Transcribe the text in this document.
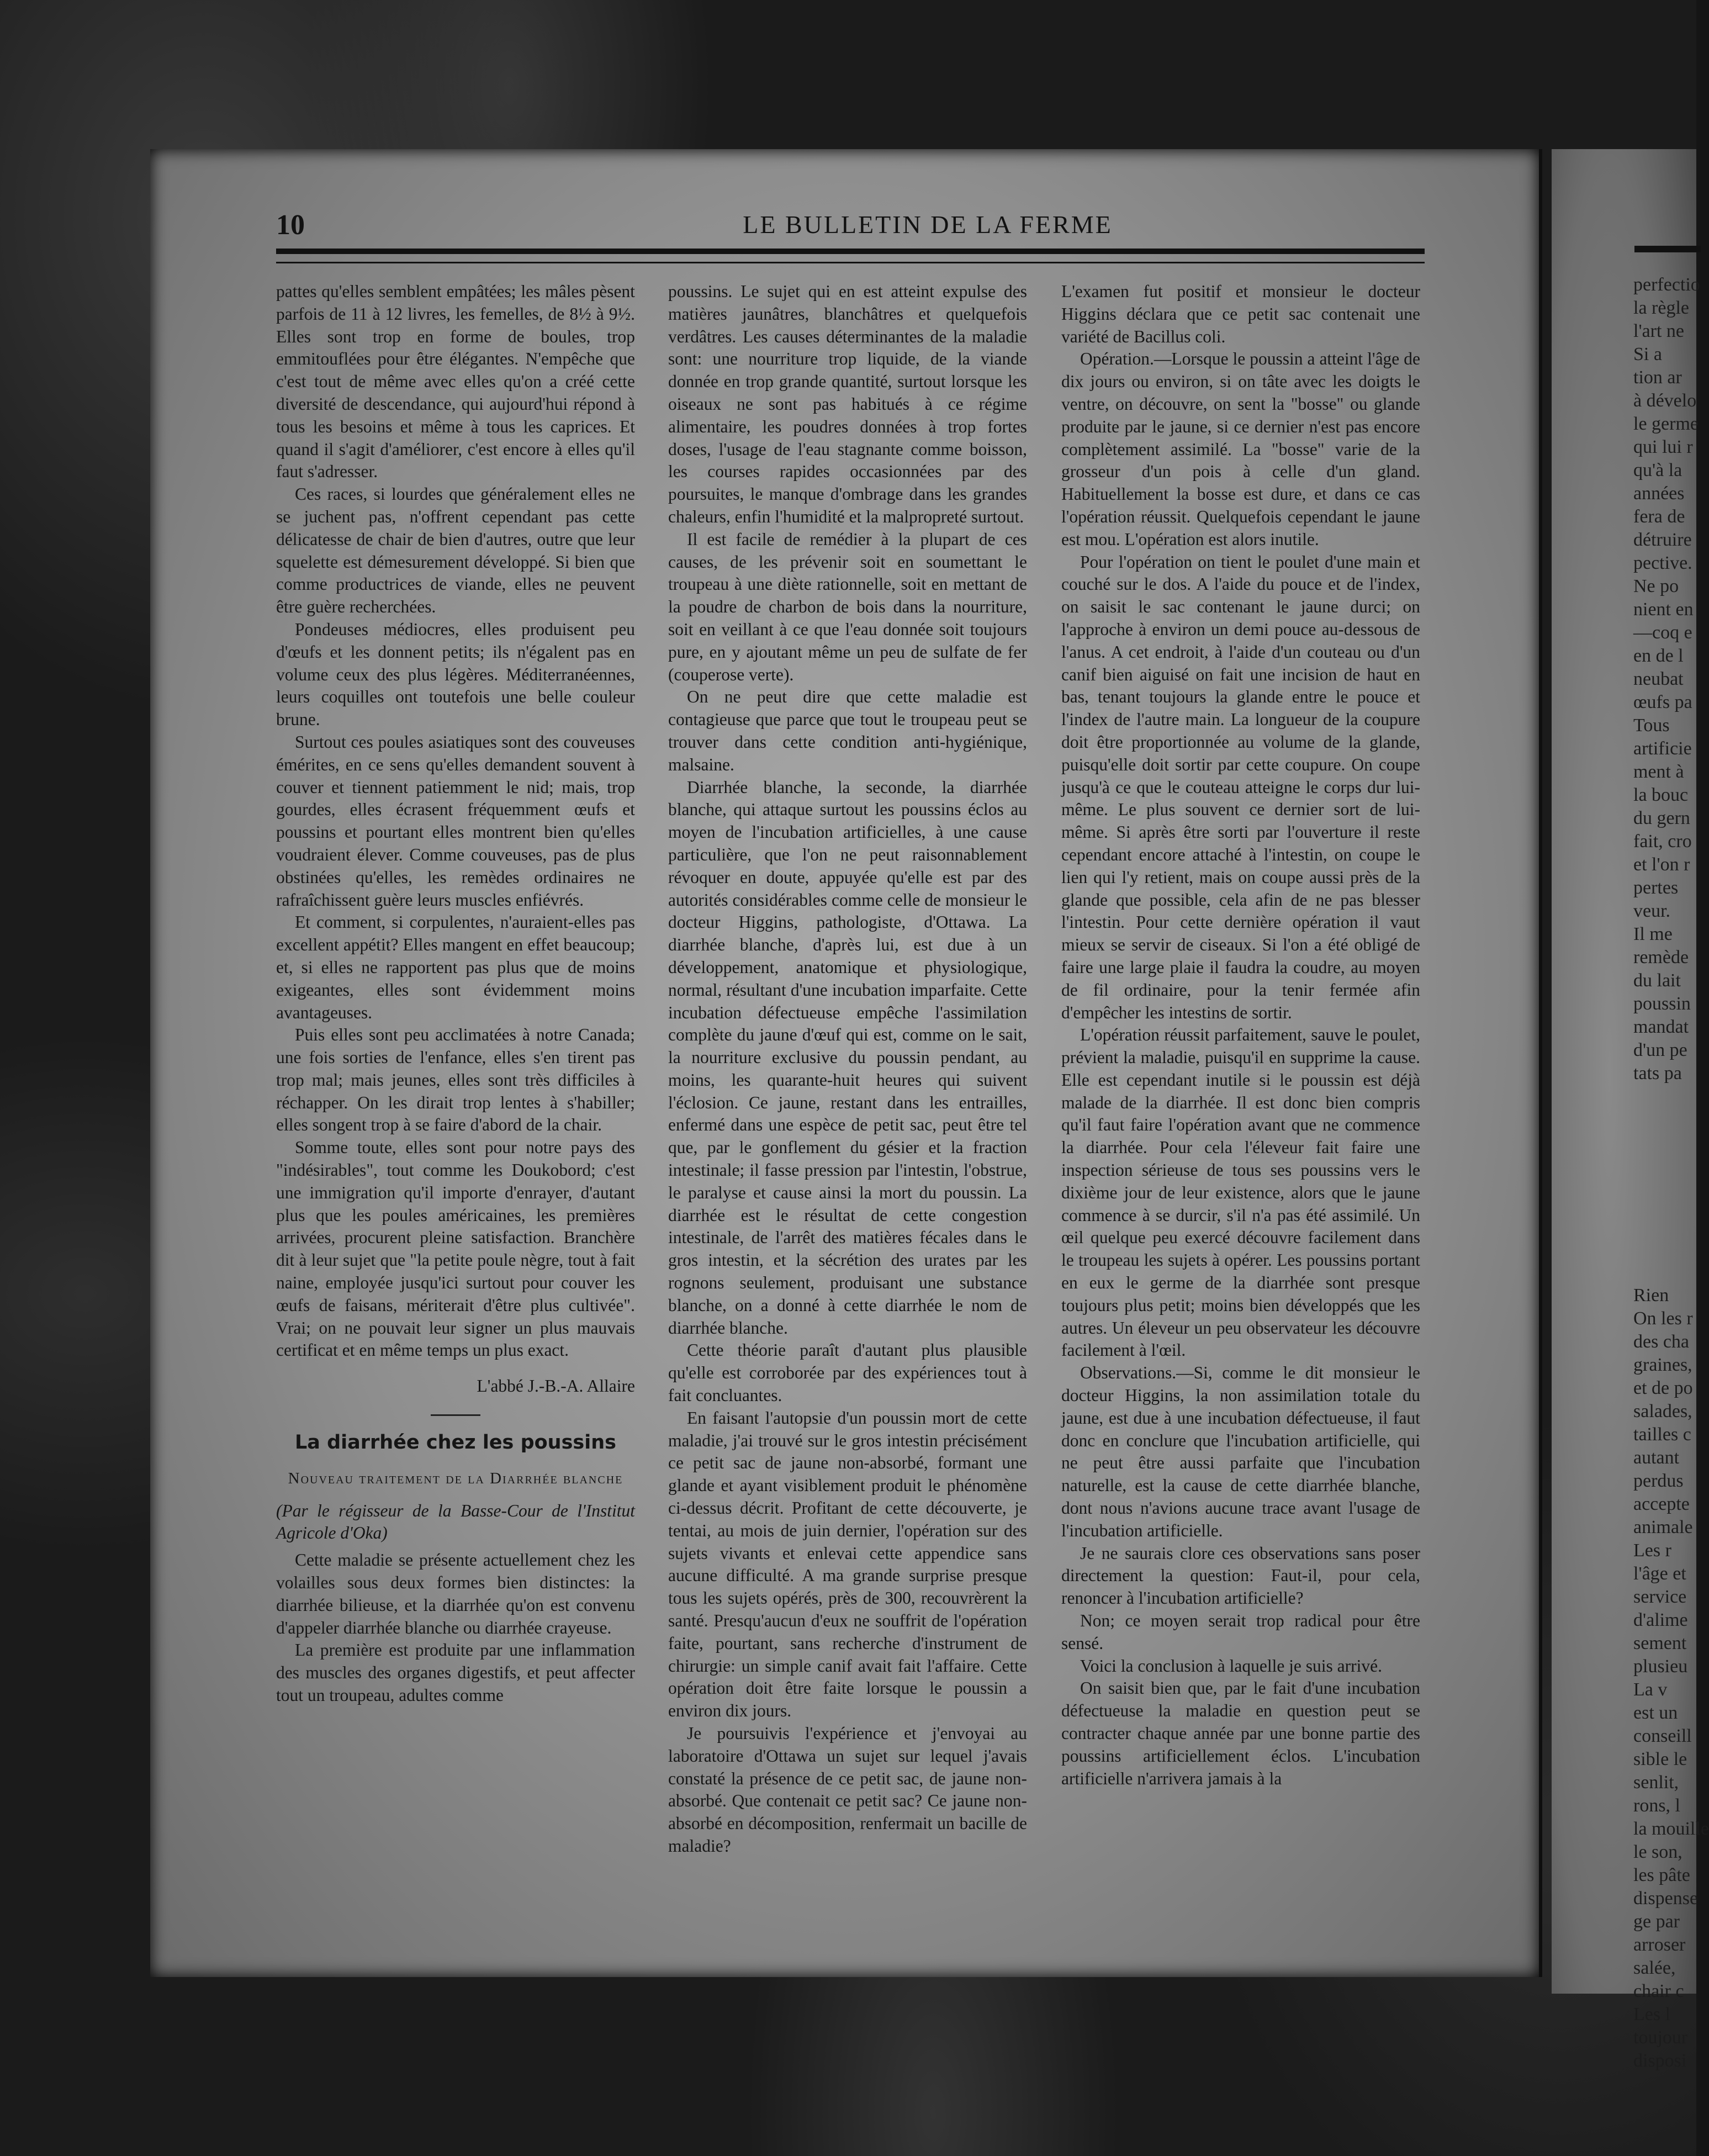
10	LE BULLETIN DE LA FERME

pattes qu'elles semblent empâtées; les mâles pèsent parfois de 11 à 12 livres, les femelles, de 8½ à 9½. Elles sont trop en forme de boules, trop emmitouflées pour être élégantes. N'empêche que c'est tout de même avec elles qu'on a créé cette diversité de descendance, qui aujourd'hui répond à tous les besoins et même à tous les caprices. Et quand il s'agit d'améliorer, c'est encore à elles qu'il faut s'adresser.

Ces races, si lourdes que généralement elles ne se juchent pas, n'offrent cependant pas cette délicatesse de chair de bien d'autres, outre que leur squelette est démesurement développé. Si bien que comme productrices de viande, elles ne peuvent être guère recherchées.

Pondeuses médiocres, elles produisent peu d'œufs et les donnent petits; ils n'égalent pas en volume ceux des plus légères. Méditerranéennes, leurs coquilles ont toutefois une belle couleur brune.

Surtout ces poules asiatiques sont des couveuses émérites, en ce sens qu'elles demandent souvent à couver et tiennent patiemment le nid; mais, trop gourdes, elles écrasent fréquemment œufs et poussins et pourtant elles montrent bien qu'elles voudraient élever. Comme couveuses, pas de plus obstinées qu'elles, les remèdes ordinaires ne rafraîchissent guère leurs muscles enfiévrés.

Et comment, si corpulentes, n'auraient-elles pas excellent appétit? Elles mangent en effet beaucoup; et, si elles ne rapportent pas plus que de moins exigeantes, elles sont évidemment moins avantageuses.

Puis elles sont peu acclimatées à notre Canada; une fois sorties de l'enfance, elles s'en tirent pas trop mal; mais jeunes, elles sont très difficiles à réchapper. On les dirait trop lentes à s'habiller; elles songent trop à se faire d'abord de la chair.

Somme toute, elles sont pour notre pays des "indésirables", tout comme les Doukobord; c'est une immigration qu'il importe d'enrayer, d'autant plus que les poules américaines, les premières arrivées, procurent pleine satisfaction. Branchère dit à leur sujet que "la petite poule nègre, tout à fait naine, employée jusqu'ici surtout pour couver les œufs de faisans, mériterait d'être plus cultivée". Vrai; on ne pouvait leur signer un plus mauvais certificat et en même temps un plus exact.

L'abbé J.-B.-A. Allaire

La diarrhée chez les poussins
Nouveau traitement de la Diarrhée blanche

(Par le régisseur de la Basse-Cour de l'Institut Agricole d'Oka)

Cette maladie se présente actuellement chez les volailles sous deux formes bien distinctes: la diarrhée bilieuse, et la diarrhée qu'on est convenu d'appeler diarrhée blanche ou diarrhée crayeuse.

La première est produite par une inflammation des muscles des organes digestifs, et peut affecter tout un troupeau, adultes comme

poussins. Le sujet qui en est atteint expulse des matières jaunâtres, blanchâtres et quelquefois verdâtres. Les causes déterminantes de la maladie sont: une nourriture trop liquide, de la viande donnée en trop grande quantité, surtout lorsque les oiseaux ne sont pas habitués à ce régime alimentaire, les poudres données à trop fortes doses, l'usage de l'eau stagnante comme boisson, les courses rapides occasionnées par des poursuites, le manque d'ombrage dans les grandes chaleurs, enfin l'humidité et la malpropreté surtout.

Il est facile de remédier à la plupart de ces causes, de les prévenir soit en soumettant le troupeau à une diète rationnelle, soit en mettant de la poudre de charbon de bois dans la nourriture, soit en veillant à ce que l'eau donnée soit toujours pure, en y ajoutant même un peu de sulfate de fer (couperose verte).

On ne peut dire que cette maladie est contagieuse que parce que tout le troupeau peut se trouver dans cette condition anti-hygiénique, malsaine.

Diarrhée blanche, la seconde, la diarrhée blanche, qui attaque surtout les poussins éclos au moyen de l'incubation artificielles, à une cause particulière, que l'on ne peut raisonnablement révoquer en doute, appuyée qu'elle est par des autorités considérables comme celle de monsieur le docteur Higgins, pathologiste, d'Ottawa. La diarrhée blanche, d'après lui, est due à un développement, anatomique et physiologique, normal, résultant d'une incubation imparfaite. Cette incubation défectueuse empêche l'assimilation complète du jaune d'œuf qui est, comme on le sait, la nourriture exclusive du poussin pendant, au moins, les quarante-huit heures qui suivent l'éclosion. Ce jaune, restant dans les entrailles, enfermé dans une espèce de petit sac, peut être tel que, par le gonflement du gésier et la fraction intestinale; il fasse pression par l'intestin, l'obstrue, le paralyse et cause ainsi la mort du poussin. La diarrhée est le résultat de cette congestion intestinale, de l'arrêt des matières fécales dans le gros intestin, et la sécrétion des urates par les rognons seulement, produisant une substance blanche, on a donné à cette diarrhée le nom de diarrhée blanche.

Cette théorie paraît d'autant plus plausible qu'elle est corroborée par des expériences tout à fait concluantes.

En faisant l'autopsie d'un poussin mort de cette maladie, j'ai trouvé sur le gros intestin précisément ce petit sac de jaune non-absorbé, formant une glande et ayant visiblement produit le phénomène ci-dessus décrit. Profitant de cette découverte, je tentai, au mois de juin dernier, l'opération sur des sujets vivants et enlevai cette appendice sans aucune difficulté. A ma grande surprise presque tous les sujets opérés, près de 300, recouvrèrent la santé. Presqu'aucun d'eux ne souffrit de l'opération faite, pourtant, sans recherche d'instrument de chirurgie: un simple canif avait fait l'affaire. Cette opération doit être faite lorsque le poussin a environ dix jours.

Je poursuivis l'expérience et j'envoyai au laboratoire d'Ottawa un sujet sur lequel j'avais constaté la présence de ce petit sac, de jaune non-absorbé. Que contenait ce petit sac? Ce jaune non-absorbé en décomposition, renfermait un bacille de maladie?

L'examen fut positif et monsieur le docteur Higgins déclara que ce petit sac contenait une variété de Bacillus coli.

Opération.—Lorsque le poussin a atteint l'âge de dix jours ou environ, si on tâte avec les doigts le ventre, on découvre, on sent la "bosse" ou glande produite par le jaune, si ce dernier n'est pas encore complètement assimilé. La "bosse" varie de la grosseur d'un pois à celle d'un gland. Habituellement la bosse est dure, et dans ce cas l'opération réussit. Quelquefois cependant le jaune est mou. L'opération est alors inutile.

Pour l'opération on tient le poulet d'une main et couché sur le dos. A l'aide du pouce et de l'index, on saisit le sac contenant le jaune durci; on l'approche à environ un demi pouce au-dessous de l'anus. A cet endroit, à l'aide d'un couteau ou d'un canif bien aiguisé on fait une incision de haut en bas, tenant toujours la glande entre le pouce et l'index de l'autre main. La longueur de la coupure doit être proportionnée au volume de la glande, puisqu'elle doit sortir par cette coupure. On coupe jusqu'à ce que le couteau atteigne le corps dur lui-même. Le plus souvent ce dernier sort de lui-même. Si après être sorti par l'ouverture il reste cependant encore attaché à l'intestin, on coupe le lien qui l'y retient, mais on coupe aussi près de la glande que possible, cela afin de ne pas blesser l'intestin. Pour cette dernière opération il vaut mieux se servir de ciseaux. Si l'on a été obligé de faire une large plaie il faudra la coudre, au moyen de fil ordinaire, pour la tenir fermée afin d'empêcher les intestins de sortir.

L'opération réussit parfaitement, sauve le poulet, prévient la maladie, puisqu'il en supprime la cause. Elle est cependant inutile si le poussin est déjà malade de la diarrhée. Il est donc bien compris qu'il faut faire l'opération avant que ne commence la diarrhée. Pour cela l'éleveur fait faire une inspection sérieuse de tous ses poussins vers le dixième jour de leur existence, alors que le jaune commence à se durcir, s'il n'a pas été assimilé. Un œil quelque peu exercé découvre facilement dans le troupeau les sujets à opérer. Les poussins portant en eux le germe de la diarrhée sont presque toujours plus petit; moins bien développés que les autres. Un éleveur un peu observateur les découvre facilement à l'œil.

Observations.—Si, comme le dit monsieur le docteur Higgins, la non assimilation totale du jaune, est due à une incubation défectueuse, il faut donc en conclure que l'incubation artificielle, qui ne peut être aussi parfaite que l'incubation naturelle, est la cause de cette diarrhée blanche, dont nous n'avions aucune trace avant l'usage de l'incubation artificielle.

Je ne saurais clore ces observations sans poser directement la question: Faut-il, pour cela, renoncer à l'incubation artificielle?

Non; ce moyen serait trop radical pour être sensé.

Voici la conclusion à laquelle je suis arrivé.

On saisit bien que, par le fait d'une incubation défectueuse la maladie en question peut se contracter chaque année par une bonne partie des poussins artificiellement éclos. L'incubation artificielle n'arrivera jamais à la

perfectio
la règle
l'art ne
Si a
tion ar
à dévelo
le germe
qui lui r
qu'à la
années
fera de
détruire
pective.
Ne po
nient en
—coq e
en de l
neubat
œufs pa
Tous
artificie
ment à
la bouc
du gern
fait, cro
et l'on r
pertes
veur.
Il me
remède
du lait
poussin
mandat
d'un pe
tats pa
Rien
On les r
des cha
graines,
et de po
salades,
tailles c
autant
perdus
accepte
animale
Les r
l'âge et
service
d'alime
sement
plusieu
La v
est un
conseill
sible le
senlit,
rons, l
la mouille
le son,
les pâte
dispense
ge par
arroser
salée,
chair c
Les l
toujour
disposi
